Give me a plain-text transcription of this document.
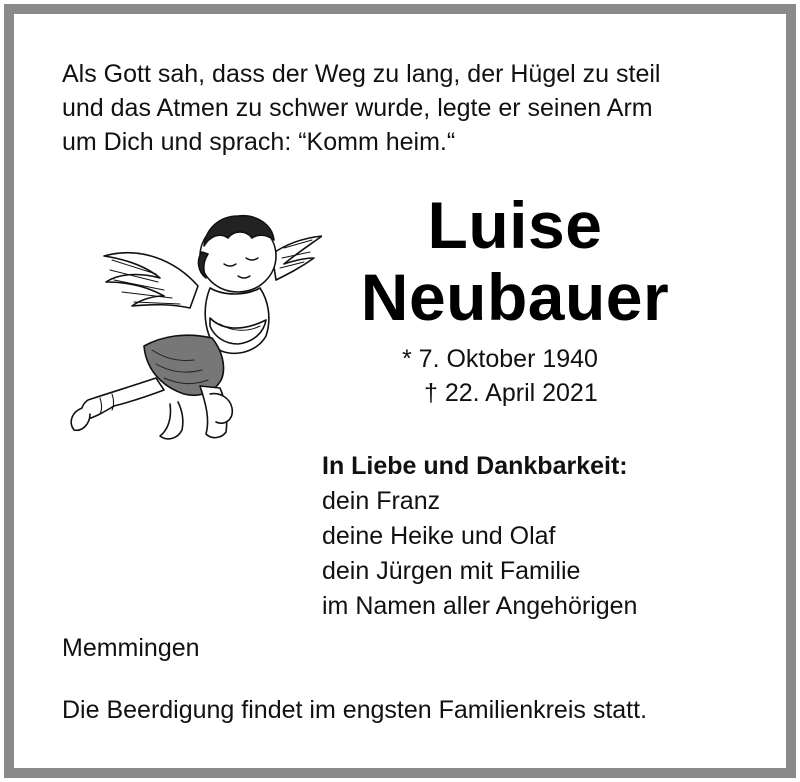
Als Gott sah, dass der Weg zu lang, der Hügel zu steil
und das Atmen zu schwer wurde, legte er seinen Arm
um Dich und sprach: “Komm heim.“
Luise
Neubauer
* 7. Oktober 1940
† 22. April 2021
In Liebe und Dankbarkeit:
dein Franz
deine Heike und Olaf
dein Jürgen mit Familie
im Namen aller Angehörigen
Memmingen
Die Beerdigung findet im engsten Familienkreis statt.
